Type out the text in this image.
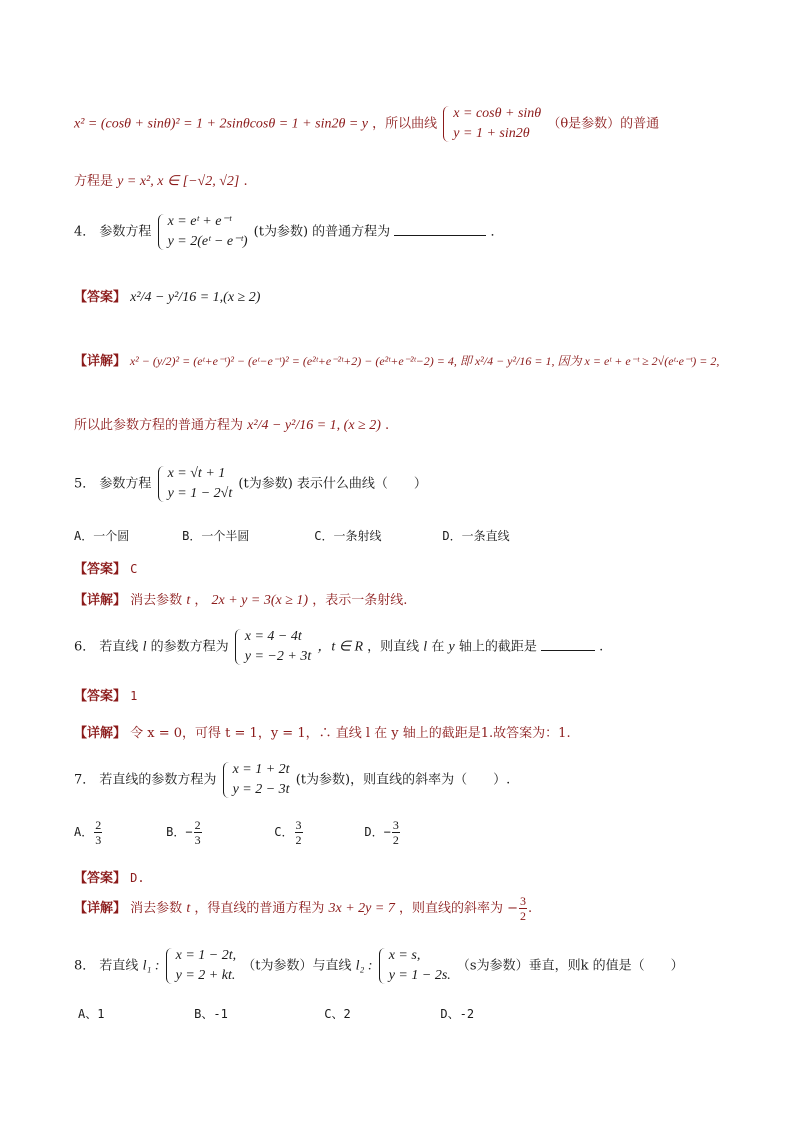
x² = (cosθ + sinθ)² = 1 + 2sinθcosθ = 1 + sin2θ = y ，所以曲线
x = cosθ + sinθ
y = 1 + sin2θ
（θ是参数）的普通
方程是 y = x², x ∈ [−√2, √2] .
4． 参数方程
x = eᵗ + e⁻ᵗ
y = 2(eᵗ − e⁻ᵗ)
(t为参数) 的普通方程为	．
【答案】 x²/4 − y²/16 = 1,(x ≥ 2)
【详解】 x² − (y/2)² = (eᵗ+e⁻ᵗ)² − (eᵗ−e⁻ᵗ)² = (e²ᵗ+e⁻²ᵗ+2) − (e²ᵗ+e⁻²ᵗ−2) = 4, 即 x²/4 − y²/16 = 1, 因为 x = eᵗ + e⁻ᵗ ≥ 2√(eᵗ·e⁻ᵗ) = 2,
所以此参数方程的普通方程为 x²/4 − y²/16 = 1, (x ≥ 2) .
5． 参数方程
x = √t + 1
y = 1 − 2√t
(t为参数) 表示什么曲线（　　）
A．一个圆	B．一个半圆	C．一条射线	D．一条直线
【答案】 C
【详解】 消去参数 t ， 2x + y = 3(x ≥ 1) ，表示一条射线.
6． 若直线 l 的参数方程为
x = 4 − 4t
y = −2 + 3t
，t ∈ R ，则直线 l 在 y 轴上的截距是	.
【答案】 1
【详解】 令 x = 0，可得 t = 1，y = 1，∴ 直线 l 在 y 轴上的截距是1.故答案为：1.
7． 若直线的参数方程为
x = 1 + 2t
y = 2 − 3t
(t为参数)，则直线的斜率为（　　）.
A． $\frac{2}{3}$	B．− $\frac{2}{3}$	C． $\frac{3}{2}$	D．− $\frac{3}{2}$
【答案】 D.
【详解】 消去参数 t ，得直线的普通方程为 3x + 2y = 7 ，则直线的斜率为 − $\frac{3}{2}$ .
8． 若直线 l₁ :
x = 1 − 2t,
y = 2 + kt.
（t为参数）与直线 l₂ :
x = s,
y = 1 − 2s.
（s为参数）垂直，则k 的值是（　　）
A、1	B、-1	C、2	D、-2
